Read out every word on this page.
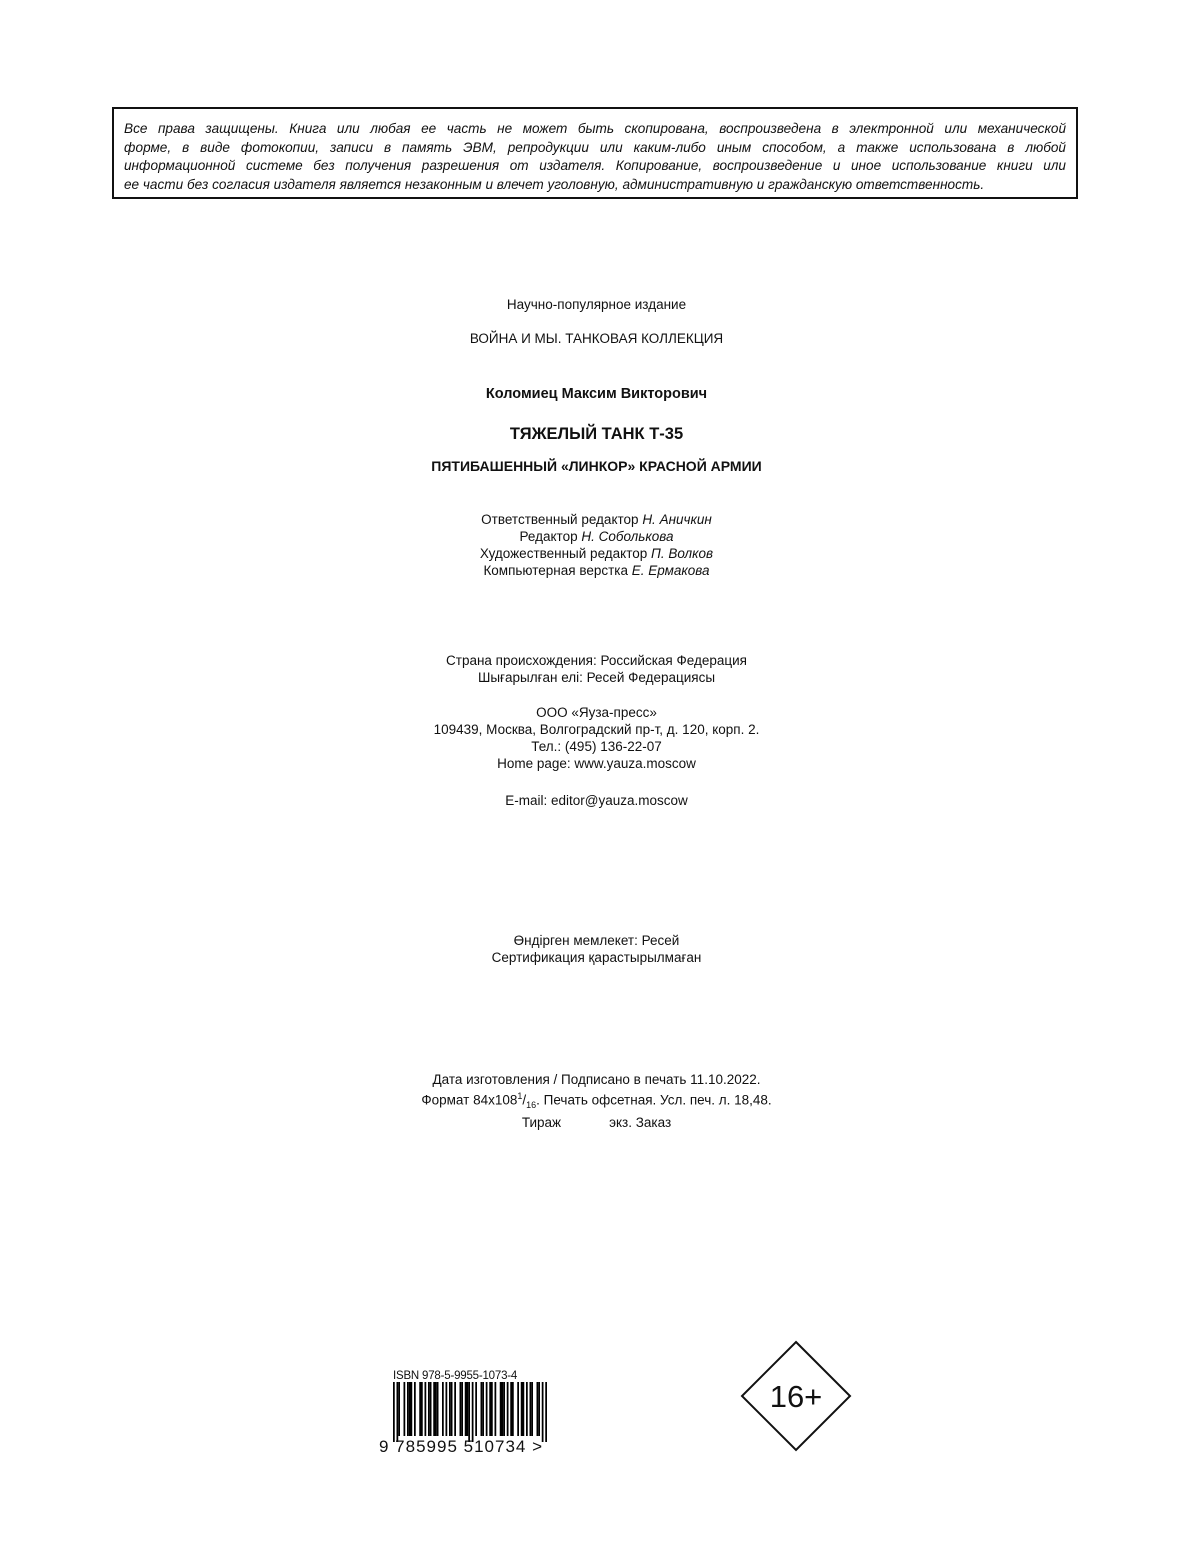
Все права защищены. Книга или любая ее часть не может быть скопирована, воспроизведена в электронной или механической
форме, в виде фотокопии, записи в память ЭВМ, репродукции или каким-либо иным способом, а также использована в любой
информационной системе без получения разрешения от издателя. Копирование, воспроизведение и иное использование книги или
ее части без согласия издателя является незаконным и влечет уголовную, административную и гражданскую ответственность.
Научно-популярное издание
ВОЙНА И МЫ. ТАНКОВАЯ КОЛЛЕКЦИЯ
Коломиец Максим Викторович
ТЯЖЕЛЫЙ ТАНК Т-35
ПЯТИБАШЕННЫЙ «ЛИНКОР» КРАСНОЙ АРМИИ
Ответственный редактор Н. Аничкин
Редактор Н. Соболькова
Художественный редактор П. Волков
Компьютерная верстка Е. Ермакова
Страна происхождения: Российская Федерация
Шығарылған елі: Ресей Федерациясы
ООО «Яуза-пресс»
109439, Москва, Волгоградский пр-т, д. 120, корп. 2.
Тел.: (495) 136-22-07
Home page: www.yauza.moscow
E-mail: editor@yauza.moscow
Өндірген мемлекет: Ресей
Сертификация қарастырылмаған
Дата изготовления / Подписано в печать 11.10.2022.
Формат $84x108^1/_{16}$. Печать офсетная. Усл. печ. л. 18,48.
Тираж	экз. Заказ
ISBN 978-5-9955-1073-4
9 785995 510734 >
16+
